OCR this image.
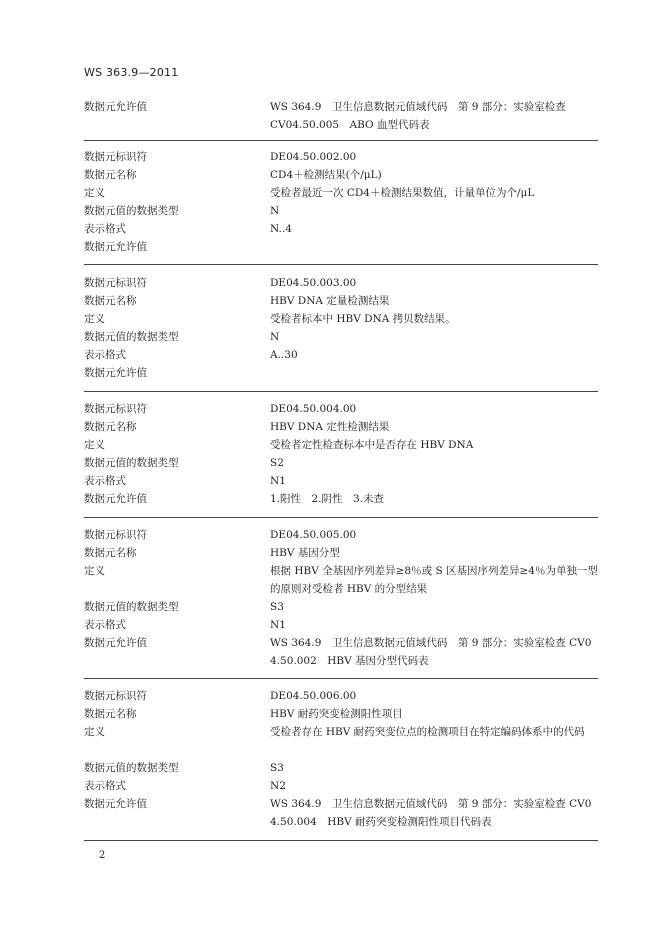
WS 363.9—2011
数据元允许值	WS 364.9　卫生信息数据元值域代码　第 9 部分：实验室检查
CV04.50.005　ABO 血型代码表
数据元标识符	DE04.50.002.00
数据元名称	CD4＋检测结果(个/μL)
定义	受检者最近一次 CD4＋检测结果数值，计量单位为个/μL
数据元值的数据类型	N
表示格式	N..4
数据元允许值
数据元标识符	DE04.50.003.00
数据元名称	HBV DNA 定量检测结果
定义	受检者标本中 HBV DNA 拷贝数结果。
数据元值的数据类型	N
表示格式	A..30
数据元允许值
数据元标识符	DE04.50.004.00
数据元名称	HBV DNA 定性检测结果
定义	受检者定性检查标本中是否存在 HBV DNA
数据元值的数据类型	S2
表示格式	N1
数据元允许值	1.阳性　2.阴性　3.未查
数据元标识符	DE04.50.005.00
数据元名称	HBV 基因分型
定义	根据 HBV 全基因序列差异≥8％或 S 区基因序列差异≥4％为单独一型的原则对受检者 HBV 的分型结果
数据元值的数据类型	S3
表示格式	N1
数据元允许值	WS 364.9　卫生信息数据元值域代码　第 9 部分：实验室检查 CV04.50.002　HBV 基因分型代码表
数据元标识符	DE04.50.006.00
数据元名称	HBV 耐药突变检测阳性项目
定义	受检者存在 HBV 耐药突变位点的检测项目在特定编码体系中的代码
数据元值的数据类型	S3
表示格式	N2
数据元允许值	WS 364.9　卫生信息数据元值域代码　第 9 部分：实验室检查 CV04.50.004　HBV 耐药突变检测阳性项目代码表
2
